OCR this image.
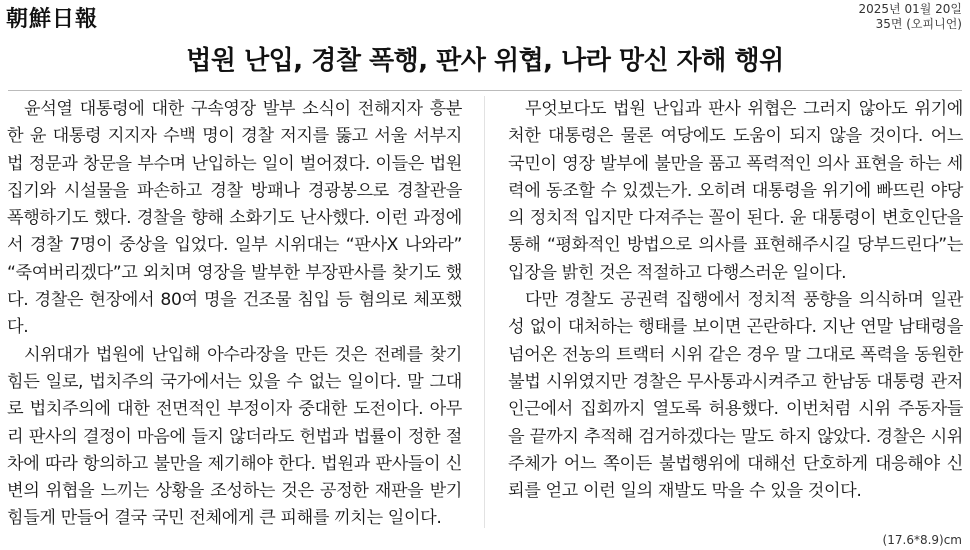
朝鮮日報	2025년 01월 20일
35면 (오피니언)
법원 난입, 경찰 폭행, 판사 위협, 나라 망신 자해 행위

윤석열 대통령에 대한 구속영장 발부 소식이 전해지자 흥분한 윤 대통령 지지자 수백 명이 경찰 저지를 뚫고 서울 서부지법 정문과 창문을 부수며 난입하는 일이 벌어졌다. 이들은 법원 집기와 시설물을 파손하고 경찰 방패나 경광봉으로 경찰관을 폭행하기도 했다. 경찰을 향해 소화기도 난사했다. 이런 과정에서 경찰 7명이 중상을 입었다. 일부 시위대는 “판사X 나와라” “죽여버리겠다”고 외치며 영장을 발부한 부장판사를 찾기도 했다. 경찰은 현장에서 80여 명을 건조물 침입 등 혐의로 체포했다.

시위대가 법원에 난입해 아수라장을 만든 것은 전례를 찾기 힘든 일로, 법치주의 국가에서는 있을 수 없는 일이다. 말 그대로 법치주의에 대한 전면적인 부정이자 중대한 도전이다. 아무리 판사의 결정이 마음에 들지 않더라도 헌법과 법률이 정한 절차에 따라 항의하고 불만을 제기해야 한다. 법원과 판사들이 신변의 위협을 느끼는 상황을 조성하는 것은 공정한 재판을 받기 힘들게 만들어 결국 국민 전체에게 큰 피해를 끼치는 일이다.

무엇보다도 법원 난입과 판사 위협은 그러지 않아도 위기에 처한 대통령은 물론 여당에도 도움이 되지 않을 것이다. 어느 국민이 영장 발부에 불만을 품고 폭력적인 의사 표현을 하는 세력에 동조할 수 있겠는가. 오히려 대통령을 위기에 빠뜨린 야당의 정치적 입지만 다져주는 꼴이 된다. 윤 대통령이 변호인단을 통해 “평화적인 방법으로 의사를 표현해주시길 당부드린다”는 입장을 밝힌 것은 적절하고 다행스러운 일이다.

다만 경찰도 공권력 집행에서 정치적 풍향을 의식하며 일관성 없이 대처하는 행태를 보이면 곤란하다. 지난 연말 남태령을 넘어온 전농의 트랙터 시위 같은 경우 말 그대로 폭력을 동원한 불법 시위였지만 경찰은 무사통과시켜주고 한남동 대통령 관저 인근에서 집회까지 열도록 허용했다. 이번처럼 시위 주동자들을 끝까지 추적해 검거하겠다는 말도 하지 않았다. 경찰은 시위 주체가 어느 쪽이든 불법행위에 대해선 단호하게 대응해야 신뢰를 얻고 이런 일의 재발도 막을 수 있을 것이다.

(17.6*8.9)cm
